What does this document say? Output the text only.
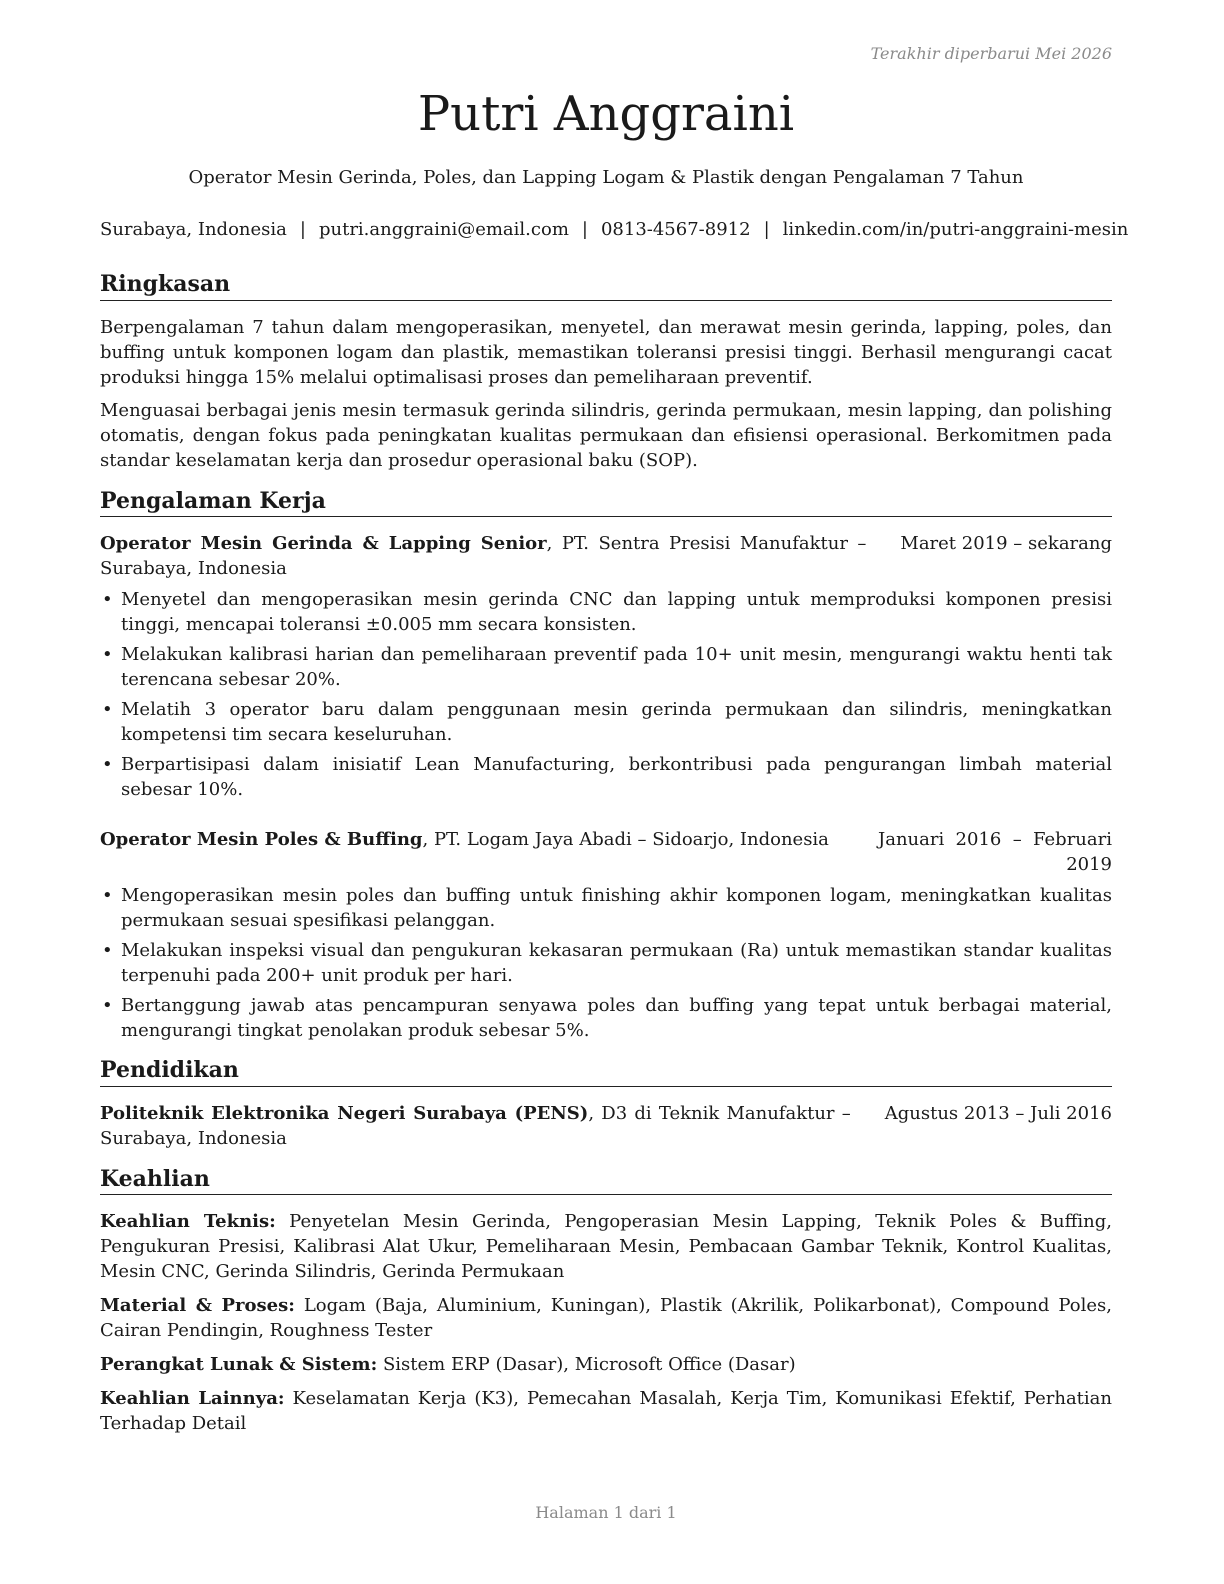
Terakhir diperbarui Mei 2026
Putri Anggraini

Operator Mesin Gerinda, Poles, dan Lapping Logam & Plastik dengan Pengalaman 7 Tahun

Surabaya, Indonesia | putri.anggraini@email.com | 0813-4567-8912 | linkedin.com/in/putri-anggraini-mesin

Ringkasan

Berpengalaman 7 tahun dalam mengoperasikan, menyetel, dan merawat mesin gerinda, lapping, poles, dan buffing untuk komponen logam dan plastik, memastikan toleransi presisi tinggi. Berhasil mengurangi cacat produksi hingga 15% melalui optimalisasi proses dan pemeliharaan preventif.

Menguasai berbagai jenis mesin termasuk gerinda silindris, gerinda permukaan, mesin lapping, dan polishing otomatis, dengan fokus pada peningkatan kualitas permukaan dan efisiensi operasional. Berkomitmen pada standar keselamatan kerja dan prosedur operasional baku (SOP).

Pengalaman Kerja
Operator Mesin Gerinda & Lapping Senior, PT. Sentra Presisi Manufaktur – Surabaya, Indonesia
Maret 2019 – sekarang
• Menyetel dan mengoperasikan mesin gerinda CNC dan lapping untuk memproduksi komponen presisi tinggi, mencapai toleransi ±0.005 mm secara konsisten.
• Melakukan kalibrasi harian dan pemeliharaan preventif pada 10+ unit mesin, mengurangi waktu henti tak terencana sebesar 20%.
• Melatih 3 operator baru dalam penggunaan mesin gerinda permukaan dan silindris, meningkatkan kompetensi tim secara keseluruhan.
• Berpartisipasi dalam inisiatif Lean Manufacturing, berkontribusi pada pengurangan limbah material sebesar 10%.
Operator Mesin Poles & Buffing, PT. Logam Jaya Abadi – Sidoarjo, Indonesia	Januari 2016 – Februari 2019
• Mengoperasikan mesin poles dan buffing untuk finishing akhir komponen logam, meningkatkan kualitas permukaan sesuai spesifikasi pelanggan.
• Melakukan inspeksi visual dan pengukuran kekasaran permukaan (Ra) untuk memastikan standar kualitas terpenuhi pada 200+ unit produk per hari.
• Bertanggung jawab atas pencampuran senyawa poles dan buffing yang tepat untuk berbagai material, mengurangi tingkat penolakan produk sebesar 5%.
Pendidikan
Politeknik Elektronika Negeri Surabaya (PENS), D3 di Teknik Manufaktur – Surabaya, Indonesia
Agustus 2013 – Juli 2016
Keahlian

Keahlian Teknis: Penyetelan Mesin Gerinda, Pengoperasian Mesin Lapping, Teknik Poles & Buffing, Pengukuran Presisi, Kalibrasi Alat Ukur, Pemeliharaan Mesin, Pembacaan Gambar Teknik, Kontrol Kualitas, Mesin CNC, Gerinda Silindris, Gerinda Permukaan

Material & Proses: Logam (Baja, Aluminium, Kuningan), Plastik (Akrilik, Polikarbonat), Compound Poles, Cairan Pendingin, Roughness Tester

Perangkat Lunak & Sistem: Sistem ERP (Dasar), Microsoft Office (Dasar)

Keahlian Lainnya: Keselamatan Kerja (K3), Pemecahan Masalah, Kerja Tim, Komunikasi Efektif, Perhatian Terhadap Detail

Halaman 1 dari 1
